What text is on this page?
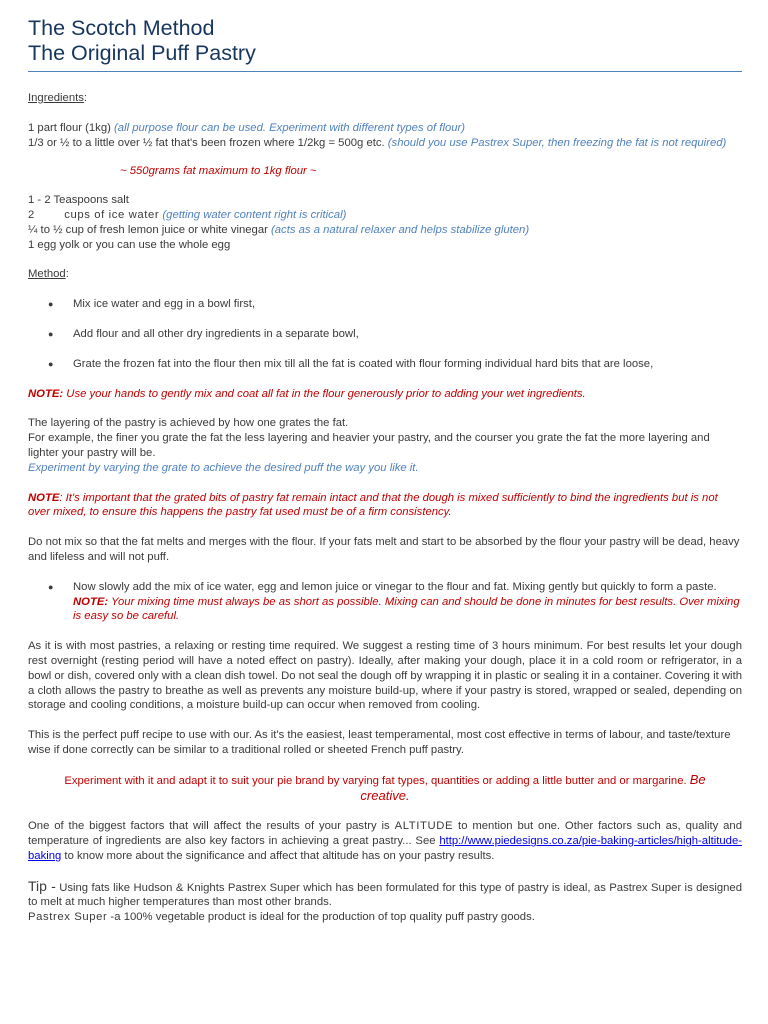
The Scotch Method
The Original Puff Pastry

Ingredients:

1 part flour (1kg) (all purpose flour can be used. Experiment with different types of flour)

1/3 or ½ to a little over ½ fat that's been frozen where 1/2kg = 500g etc. (should you use Pastrex Super, then freezing the fat is not required)

~ 550grams fat maximum to 1kg flour ~

1 - 2 Teaspoons salt

2	cups of ice water (getting water content right is critical)

¼ to ½ cup of fresh lemon juice or white vinegar (acts as a natural relaxer and helps stabilize gluten)

1 egg yolk or you can use the whole egg

Method:

● Mix ice water and egg in a bowl first,
● Add flour and all other dry ingredients in a separate bowl,
● Grate the frozen fat into the flour then mix till all the fat is coated with flour forming individual hard bits that are loose,

NOTE: Use your hands to gently mix and coat all fat in the flour generously prior to adding your wet ingredients.

The layering of the pastry is achieved by how one grates the fat.

For example, the finer you grate the fat the less layering and heavier your pastry, and the courser you grate the fat the more layering and lighter your pastry will be.

Experiment by varying the grate to achieve the desired puff the way you like it.

NOTE: It's important that the grated bits of pastry fat remain intact and that the dough is mixed sufficiently to bind the ingredients but is not over mixed, to ensure this happens the pastry fat used must be of a firm consistency.

Do not mix so that the fat melts and merges with the flour. If your fats melt and start to be absorbed by the flour your pastry will be dead, heavy and lifeless and will not puff.

● Now slowly add the mix of ice water, egg and lemon juice or vinegar to the flour and fat. Mixing gently but quickly to form a paste.
NOTE: Your mixing time must always be as short as possible. Mixing can and should be done in minutes for best results. Over mixing is easy so be careful.

As it is with most pastries, a relaxing or resting time required. We suggest a resting time of 3 hours minimum. For best results let your dough rest overnight (resting period will have a noted effect on pastry). Ideally, after making your dough, place it in a cold room or refrigerator, in a bowl or dish, covered only with a clean dish towel. Do not seal the dough off by wrapping it in plastic or sealing it in a container. Covering it with a cloth allows the pastry to breathe as well as prevents any moisture build-up, where if your pastry is stored, wrapped or sealed, depending on storage and cooling conditions, a moisture build-up can occur when removed from cooling.

This is the perfect puff recipe to use with our. As it's the easiest, least temperamental, most cost effective in terms of labour, and taste/texture wise if done correctly can be similar to a traditional rolled or sheeted French puff pastry.

Experiment with it and adapt it to suit your pie brand by varying fat types, quantities or adding a little butter and or margarine. Be creative.

One of the biggest factors that will affect the results of your pastry is ALTITUDE to mention but one. Other factors such as, quality and temperature of ingredients are also key factors in achieving a great pastry... See http://www.piedesigns.co.za/pie-baking-articles/high-altitude-baking to know more about the significance and affect that altitude has on your pastry results.

Tip - Using fats like Hudson & Knights Pastrex Super which has been formulated for this type of pastry is ideal, as Pastrex Super is designed to melt at much higher temperatures than most other brands.

Pastrex Super -a 100% vegetable product is ideal for the production of top quality puff pastry goods.
